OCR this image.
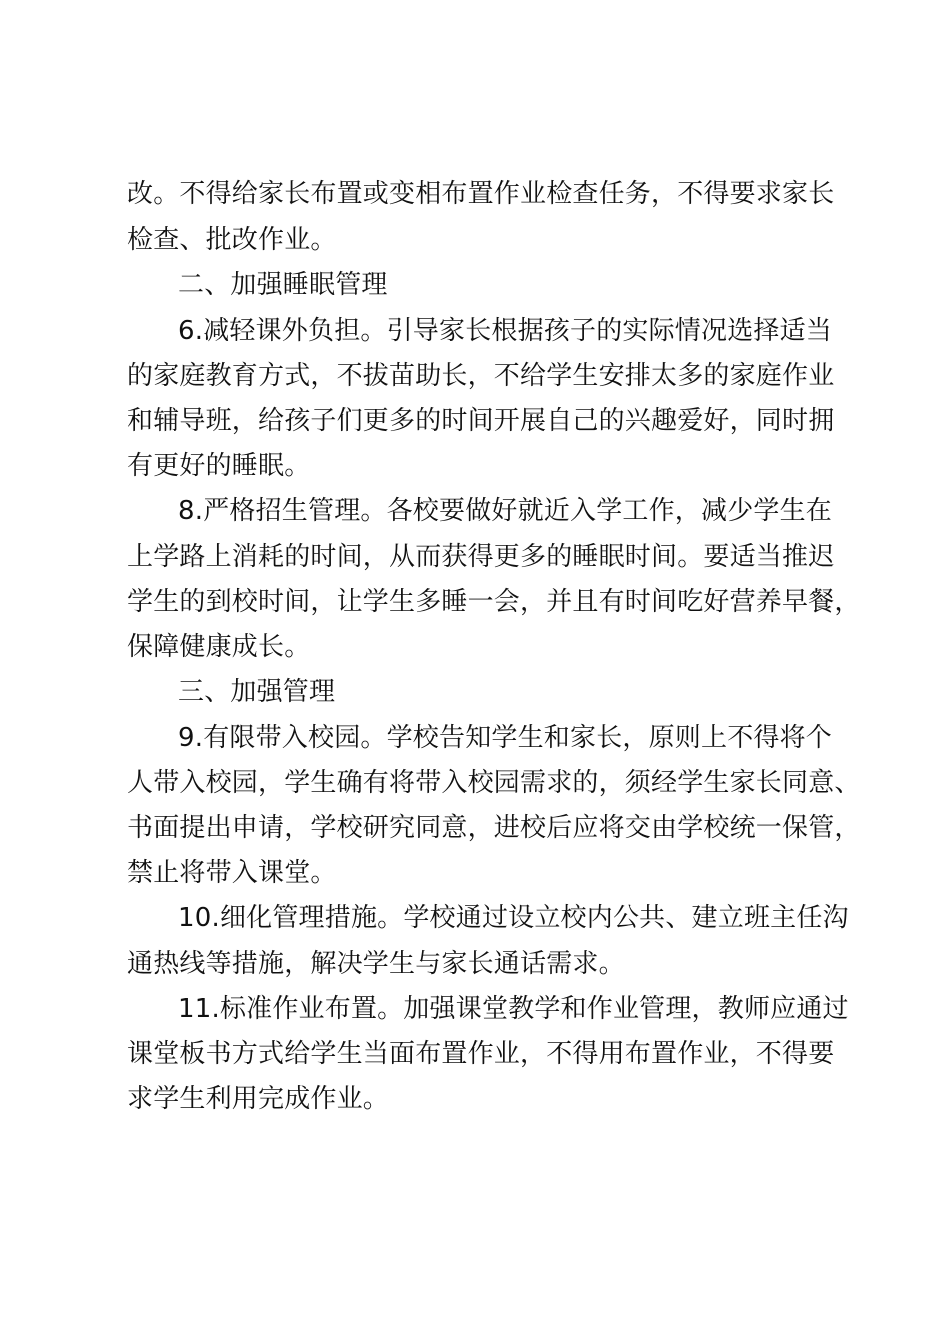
改。不得给家长布置或变相布置作业检查任务，不得要求家长
检查、批改作业。
二、加强睡眠管理
6.减轻课外负担。引导家长根据孩子的实际情况选择适当
的家庭教育方式，不拔苗助长，不给学生安排太多的家庭作业
和辅导班，给孩子们更多的时间开展自己的兴趣爱好，同时拥
有更好的睡眠。
8.严格招生管理。各校要做好就近入学工作，减少学生在
上学路上消耗的时间，从而获得更多的睡眠时间。要适当推迟
学生的到校时间，让学生多睡一会，并且有时间吃好营养早餐，
保障健康成长。
三、加强管理
9.有限带入校园。学校告知学生和家长，原则上不得将个
人带入校园，学生确有将带入校园需求的，须经学生家长同意、
书面提出申请，学校研究同意，进校后应将交由学校统一保管，
禁止将带入课堂。
10.细化管理措施。学校通过设立校内公共、建立班主任沟
通热线等措施，解决学生与家长通话需求。
11.标准作业布置。加强课堂教学和作业管理，教师应通过
课堂板书方式给学生当面布置作业，不得用布置作业，不得要
求学生利用完成作业。
